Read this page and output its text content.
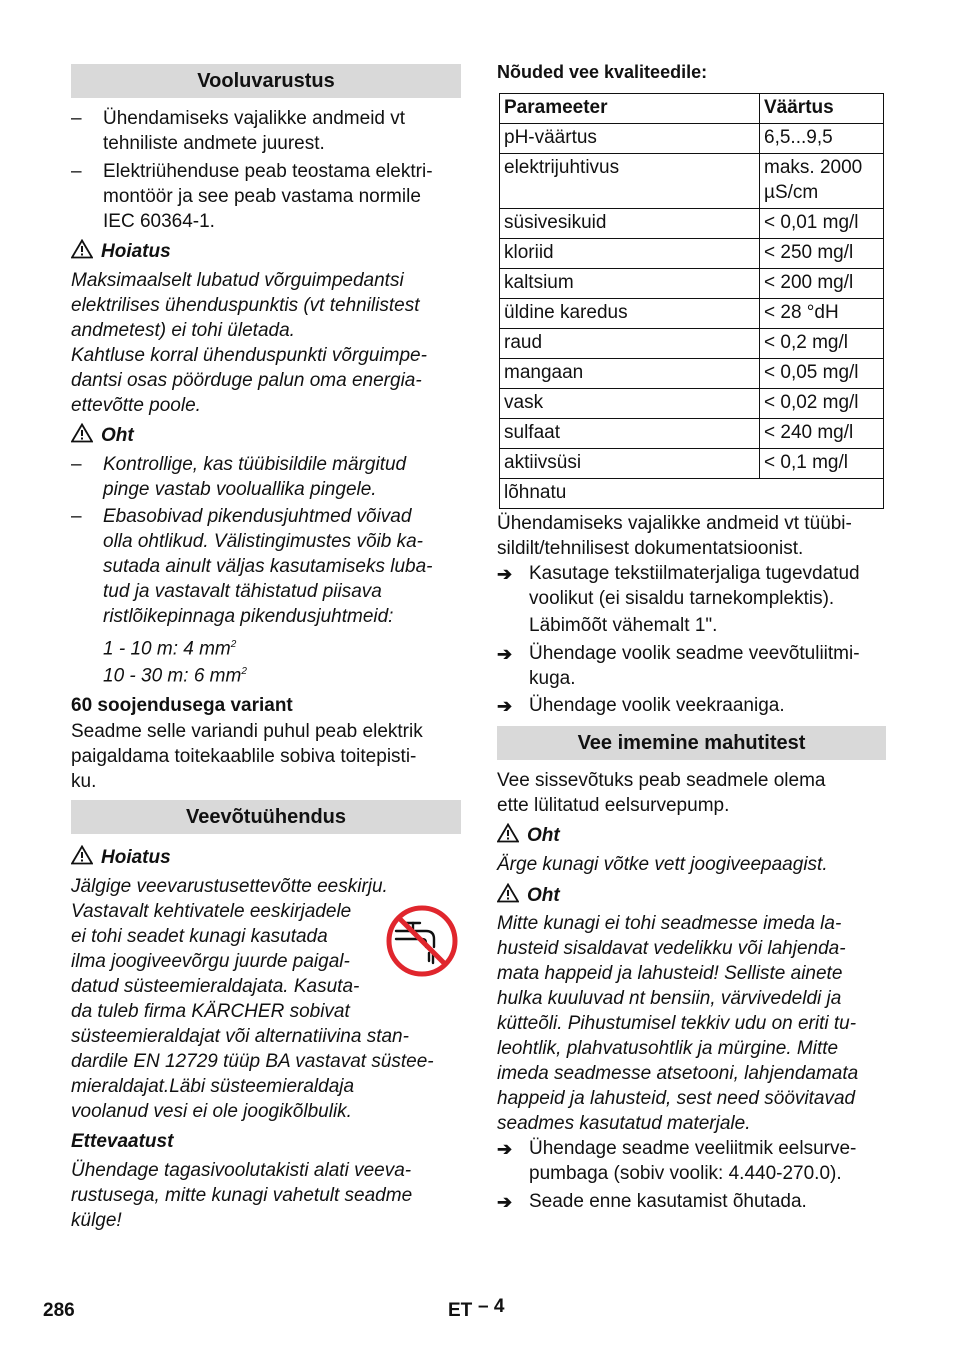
Vooluvarustus
– Ühendamiseks vajalikke andmeid vt
tehniliste andmete juurest.
– Elektriühenduse peab teostama elektri-
montöör ja see peab vastama normile
IEC 60364-1.
Hoiatus
Maksimaalselt lubatud võrguimpedantsi
elektrilises ühenduspunktis (vt tehnilistest
andmetest) ei tohi ületada.
Kahtluse korral ühenduspunkti võrguimpe-
dantsi osas pöörduge palun oma energia-
ettevõtte poole.
Oht
– Kontrollige, kas tüübisildile märgitud
pinge vastab vooluallika pingele.
– Ebasobivad pikendusjuhtmed võivad
olla ohtlikud. Välistingimustes võib ka-
sutada ainult väljas kasutamiseks luba-
tud ja vastavalt tähistatud piisava
ristlõikepinnaga pikendusjuhtmeid:
1 - 10 m: 4 $mm^2$
10 - 30 m: 6 $mm^2$
60 soojendusega variant
Seadme selle variandi puhul peab elektrik
paigaldama toitekaablile sobiva toitepisti-
ku.
Veevõtuühendus
Hoiatus
Jälgige veevarustusettevõtte eeskirju.
Vastavalt kehtivatele eeskirjadele
ei tohi seadet kunagi kasutada
ilma joogiveevõrgu juurde paigal-
datud süsteemieraldajata. Kasuta-
da tuleb firma KÄRCHER sobivat
süsteemieraldajat või alternatiivina stan-
dardile EN 12729 tüüp BA vastavat süstee-
mieraldajat.Läbi süsteemieraldaja
voolanud vesi ei ole joogikõlbulik.
Ettevaatust
Ühendage tagasivoolutakisti alati veeva-
rustusega, mitte kunagi vahetult seadme
külge!
Nõuded vee kvaliteedile:
Parameeter	Väärtus
pH-väärtus	6,5...9,5
elektrijuhtivus	maks. 2000
µS/cm

süsivesikuid	< 0,01 mg/l
kloriid	< 250 mg/l
kaltsium	< 200 mg/l
üldine karedus	< 28 °dH
raud	< 0,2 mg/l
mangaan	< 0,05 mg/l
vask	< 0,02 mg/l
sulfaat	< 240 mg/l
aktiivsüsi	< 0,1 mg/l
lõhnatu	
Ühendamiseks vajalikke andmeid vt tüübi-
sildilt/tehnilisest dokumentatsioonist.
➔ Kasutage tekstiilmaterjaliga tugevdatud
voolikut (ei sisaldu tarnekomplektis).
Läbimõõt vähemalt 1".
➔ Ühendage voolik seadme veevõtuliitmi-
kuga.
➔ Ühendage voolik veekraaniga.
Vee imemine mahutitest
Vee sissevõtuks peab seadmele olema
ette lülitatud eelsurvepump.
Oht
Ärge kunagi võtke vett joogiveepaagist.
Oht
Mitte kunagi ei tohi seadmesse imeda la-
husteid sisaldavat vedelikku või lahjenda-
mata happeid ja lahusteid! Selliste ainete
hulka kuuluvad nt bensiin, värvivedeldi ja
kütteõli. Pihustumisel tekkiv udu on eriti tu-
leohtlik, plahvatusohtlik ja mürgine. Mitte
imeda seadmesse atsetooni, lahjendamata
happeid ja lahusteid, sest need söövitavad
seadmes kasutatud materjale.
➔ Ühendage seadme veeliitmik eelsurve-
pumbaga (sobiv voolik: 4.440-270.0).
➔ Seade enne kasutamist õhutada.
286	ET – 4
